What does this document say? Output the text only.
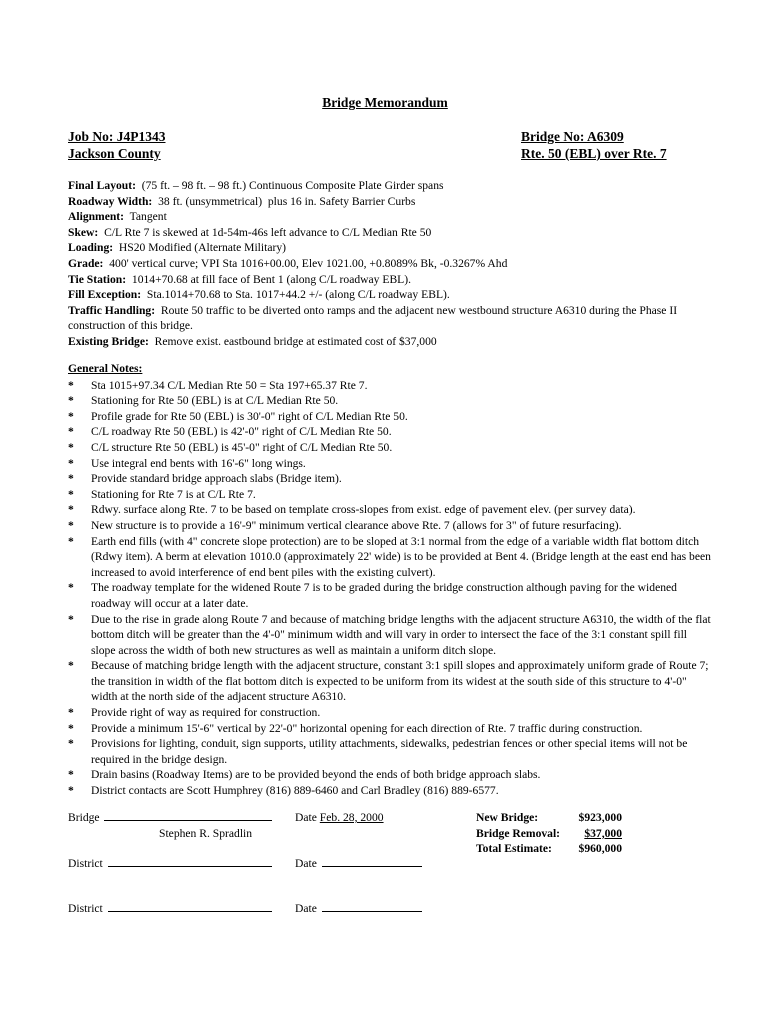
Bridge Memorandum
Job No: J4P1343
Jackson County
Bridge No: A6309
Rte. 50 (EBL) over Rte. 7
Final Layout:  (75 ft. – 98 ft. – 98 ft.) Continuous Composite Plate Girder spans
Roadway Width:  38 ft. (unsymmetrical)  plus 16 in. Safety Barrier Curbs
Alignment:  Tangent
Skew:  C/L Rte 7 is skewed at 1d-54m-46s left advance to C/L Median Rte 50
Loading:  HS20 Modified (Alternate Military)
Grade:  400' vertical curve; VPI Sta 1016+00.00, Elev 1021.00, +0.8089% Bk, -0.3267% Ahd
Tie Station:  1014+70.68 at fill face of Bent 1 (along C/L roadway EBL).
Fill Exception:  Sta.1014+70.68 to Sta. 1017+44.2 +/- (along C/L roadway EBL).
Traffic Handling:  Route 50 traffic to be diverted onto ramps and the adjacent new westbound structure A6310 during the Phase II construction of this bridge.
Existing Bridge:  Remove exist. eastbound bridge at estimated cost of $37,000
General Notes:
*	Sta 1015+97.34 C/L Median Rte 50 = Sta 197+65.37 Rte 7.
*	Stationing for Rte 50 (EBL) is at C/L Median Rte 50.
*	Profile grade for Rte 50 (EBL) is 30'-0" right of C/L Median Rte 50.
*	C/L roadway Rte 50 (EBL) is 42'-0" right of C/L Median Rte 50.
*	C/L structure Rte 50 (EBL) is 45'-0" right of C/L Median Rte 50.
*	Use integral end bents with 16'-6" long wings.
*	Provide standard bridge approach slabs (Bridge item).
*	Stationing for Rte 7 is at C/L Rte 7.
*	Rdwy. surface along Rte. 7 to be based on template cross-slopes from exist. edge of pavement elev. (per survey data).
*	New structure is to provide a 16'-9" minimum vertical clearance above Rte. 7 (allows for 3" of future resurfacing).
*	Earth end fills (with 4" concrete slope protection) are to be sloped at 3:1 normal from the edge of a variable width flat bottom ditch (Rdwy item). A berm at elevation 1010.0 (approximately 22' wide) is to be provided at Bent 4. (Bridge length at the east end has been increased to avoid interference of end bent piles with the existing culvert).
*	The roadway template for the widened Route 7 is to be graded during the bridge construction although paving for the widened roadway will occur at a later date.
*	Due to the rise in grade along Route 7 and because of matching bridge lengths with the adjacent structure A6310, the width of the flat bottom ditch will be greater than the 4'-0" minimum width and will vary in order to intersect the face of the 3:1 constant spill fill slope across the width of both new structures as well as maintain a uniform ditch slope.
*	Because of matching bridge length with the adjacent structure, constant 3:1 spill slopes and approximately uniform grade of Route 7; the transition in width of the flat bottom ditch is expected to be uniform from its widest at the south side of this structure to 4'-0" width at the north side of the adjacent structure A6310.
*	Provide right of way as required for construction.
*	Provide a minimum 15'-6" vertical by 22'-0" horizontal opening for each direction of Rte. 7 traffic during construction.
*	Provisions for lighting, conduit, sign supports, utility attachments, sidewalks, pedestrian fences or other special items will not be required in the bridge design.
*	Drain basins (Roadway Items) are to be provided beyond the ends of both bridge approach slabs.
*	District contacts are Scott Humphrey (816) 889-6460 and Carl Bradley (816) 889-6577.
Bridge
Stephen R. Spradlin
Date Feb. 28, 2000
District	Date
District	Date
New Bridge:	$923,000
Bridge Removal:	$37,000
Total Estimate:	$960,000
